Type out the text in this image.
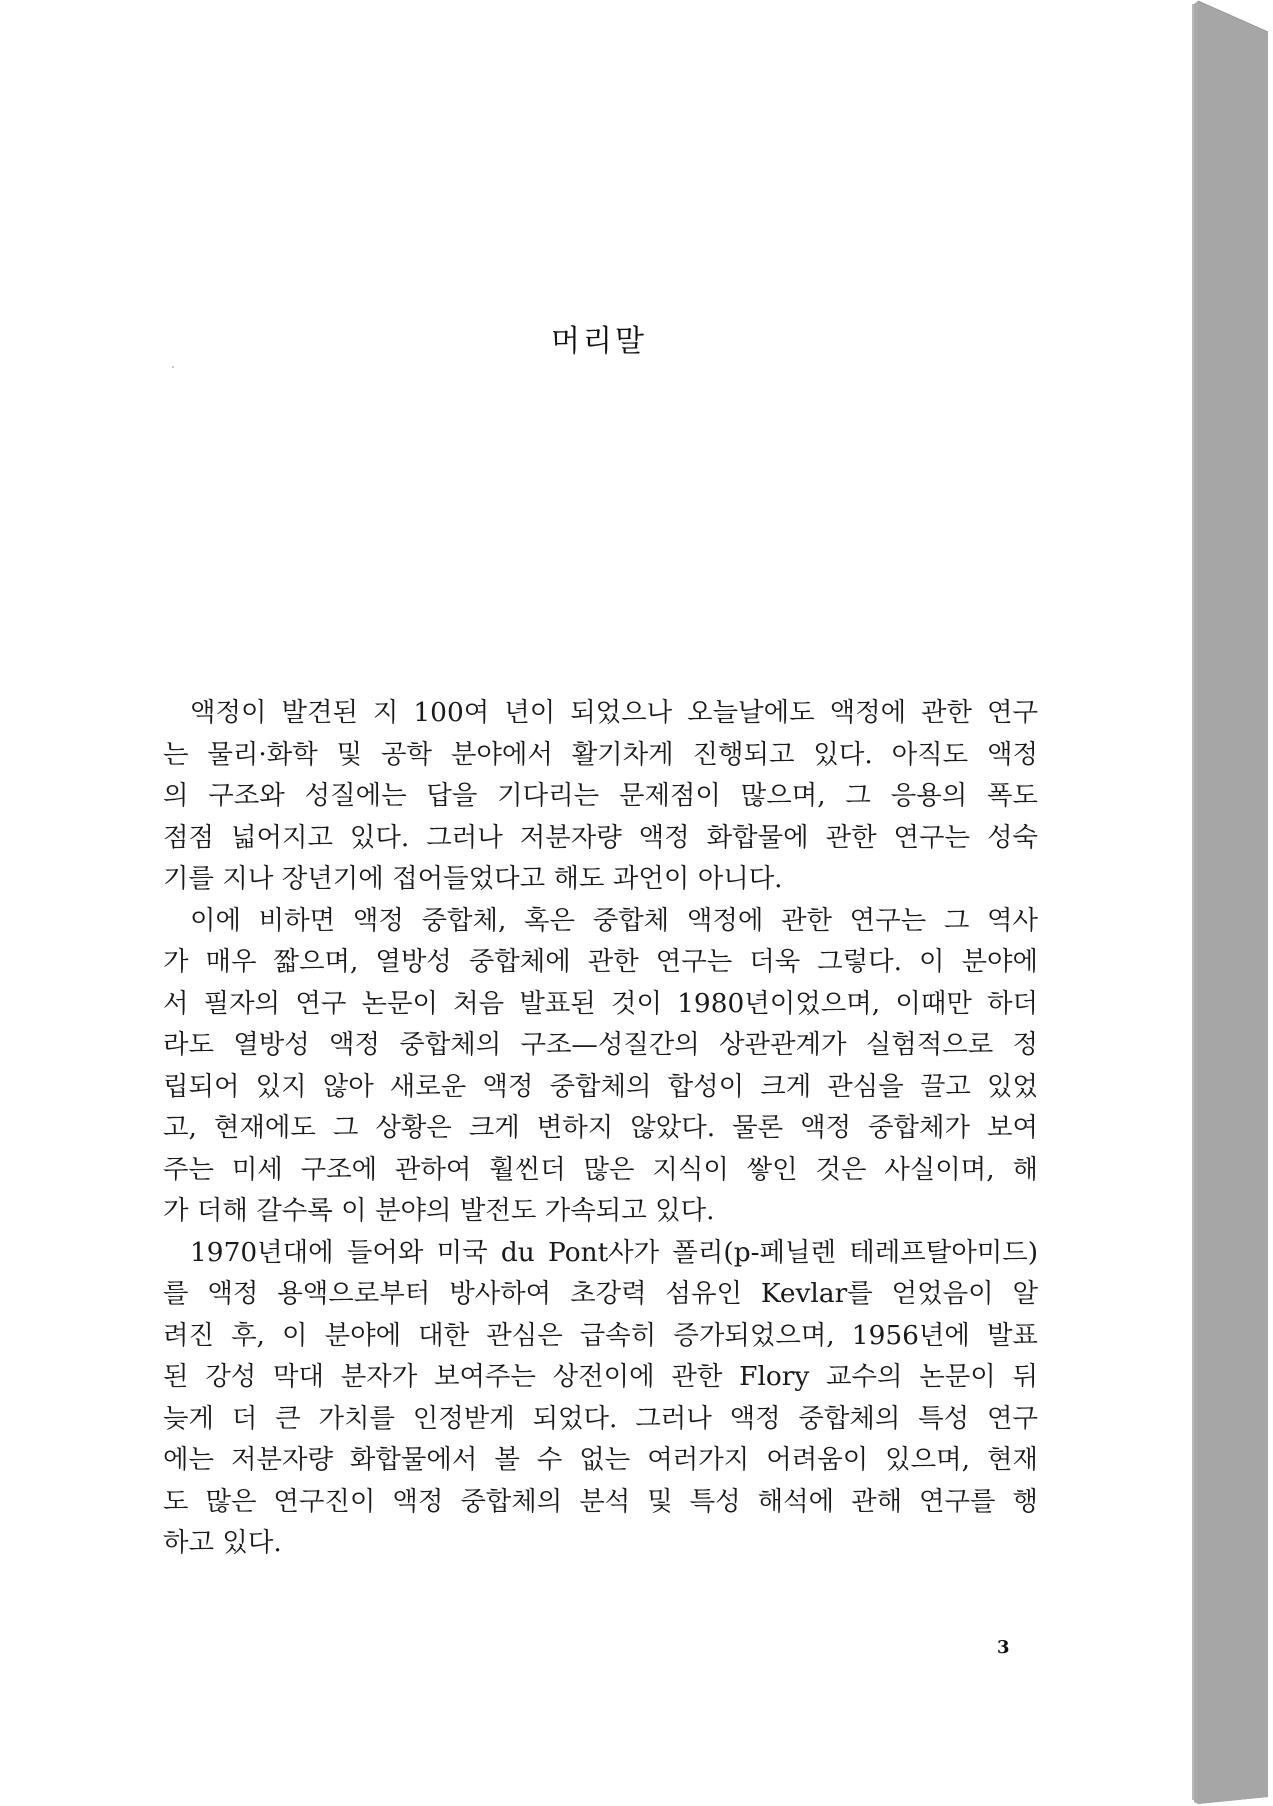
머리말
액정이 발견된 지 100여 년이 되었으나 오늘날에도 액정에 관한 연구
는 물리·화학 및 공학 분야에서 활기차게 진행되고 있다. 아직도 액정
의 구조와 성질에는 답을 기다리는 문제점이 많으며, 그 응용의 폭도
점점 넓어지고 있다. 그러나 저분자량 액정 화합물에 관한 연구는 성숙
기를 지나 장년기에 접어들었다고 해도 과언이 아니다.
이에 비하면 액정 중합체, 혹은 중합체 액정에 관한 연구는 그 역사
가 매우 짧으며, 열방성 중합체에 관한 연구는 더욱 그렇다. 이 분야에
서 필자의 연구 논문이 처음 발표된 것이 1980년이었으며, 이때만 하더
라도 열방성 액정 중합체의 구조—성질간의 상관관계가 실험적으로 정
립되어 있지 않아 새로운 액정 중합체의 합성이 크게 관심을 끌고 있었
고, 현재에도 그 상황은 크게 변하지 않았다. 물론 액정 중합체가 보여
주는 미세 구조에 관하여 훨씬더 많은 지식이 쌓인 것은 사실이며, 해
가 더해 갈수록 이 분야의 발전도 가속되고 있다.
1970년대에 들어와 미국 du Pont사가 폴리(p-페닐렌 테레프탈아미드)
를 액정 용액으로부터 방사하여 초강력 섬유인 Kevlar를 얻었음이 알
려진 후, 이 분야에 대한 관심은 급속히 증가되었으며, 1956년에 발표
된 강성 막대 분자가 보여주는 상전이에 관한 Flory 교수의 논문이 뒤
늦게 더 큰 가치를 인정받게 되었다. 그러나 액정 중합체의 특성 연구
에는 저분자량 화합물에서 볼 수 없는 여러가지 어려움이 있으며, 현재
도 많은 연구진이 액정 중합체의 분석 및 특성 해석에 관해 연구를 행
하고 있다.
3
